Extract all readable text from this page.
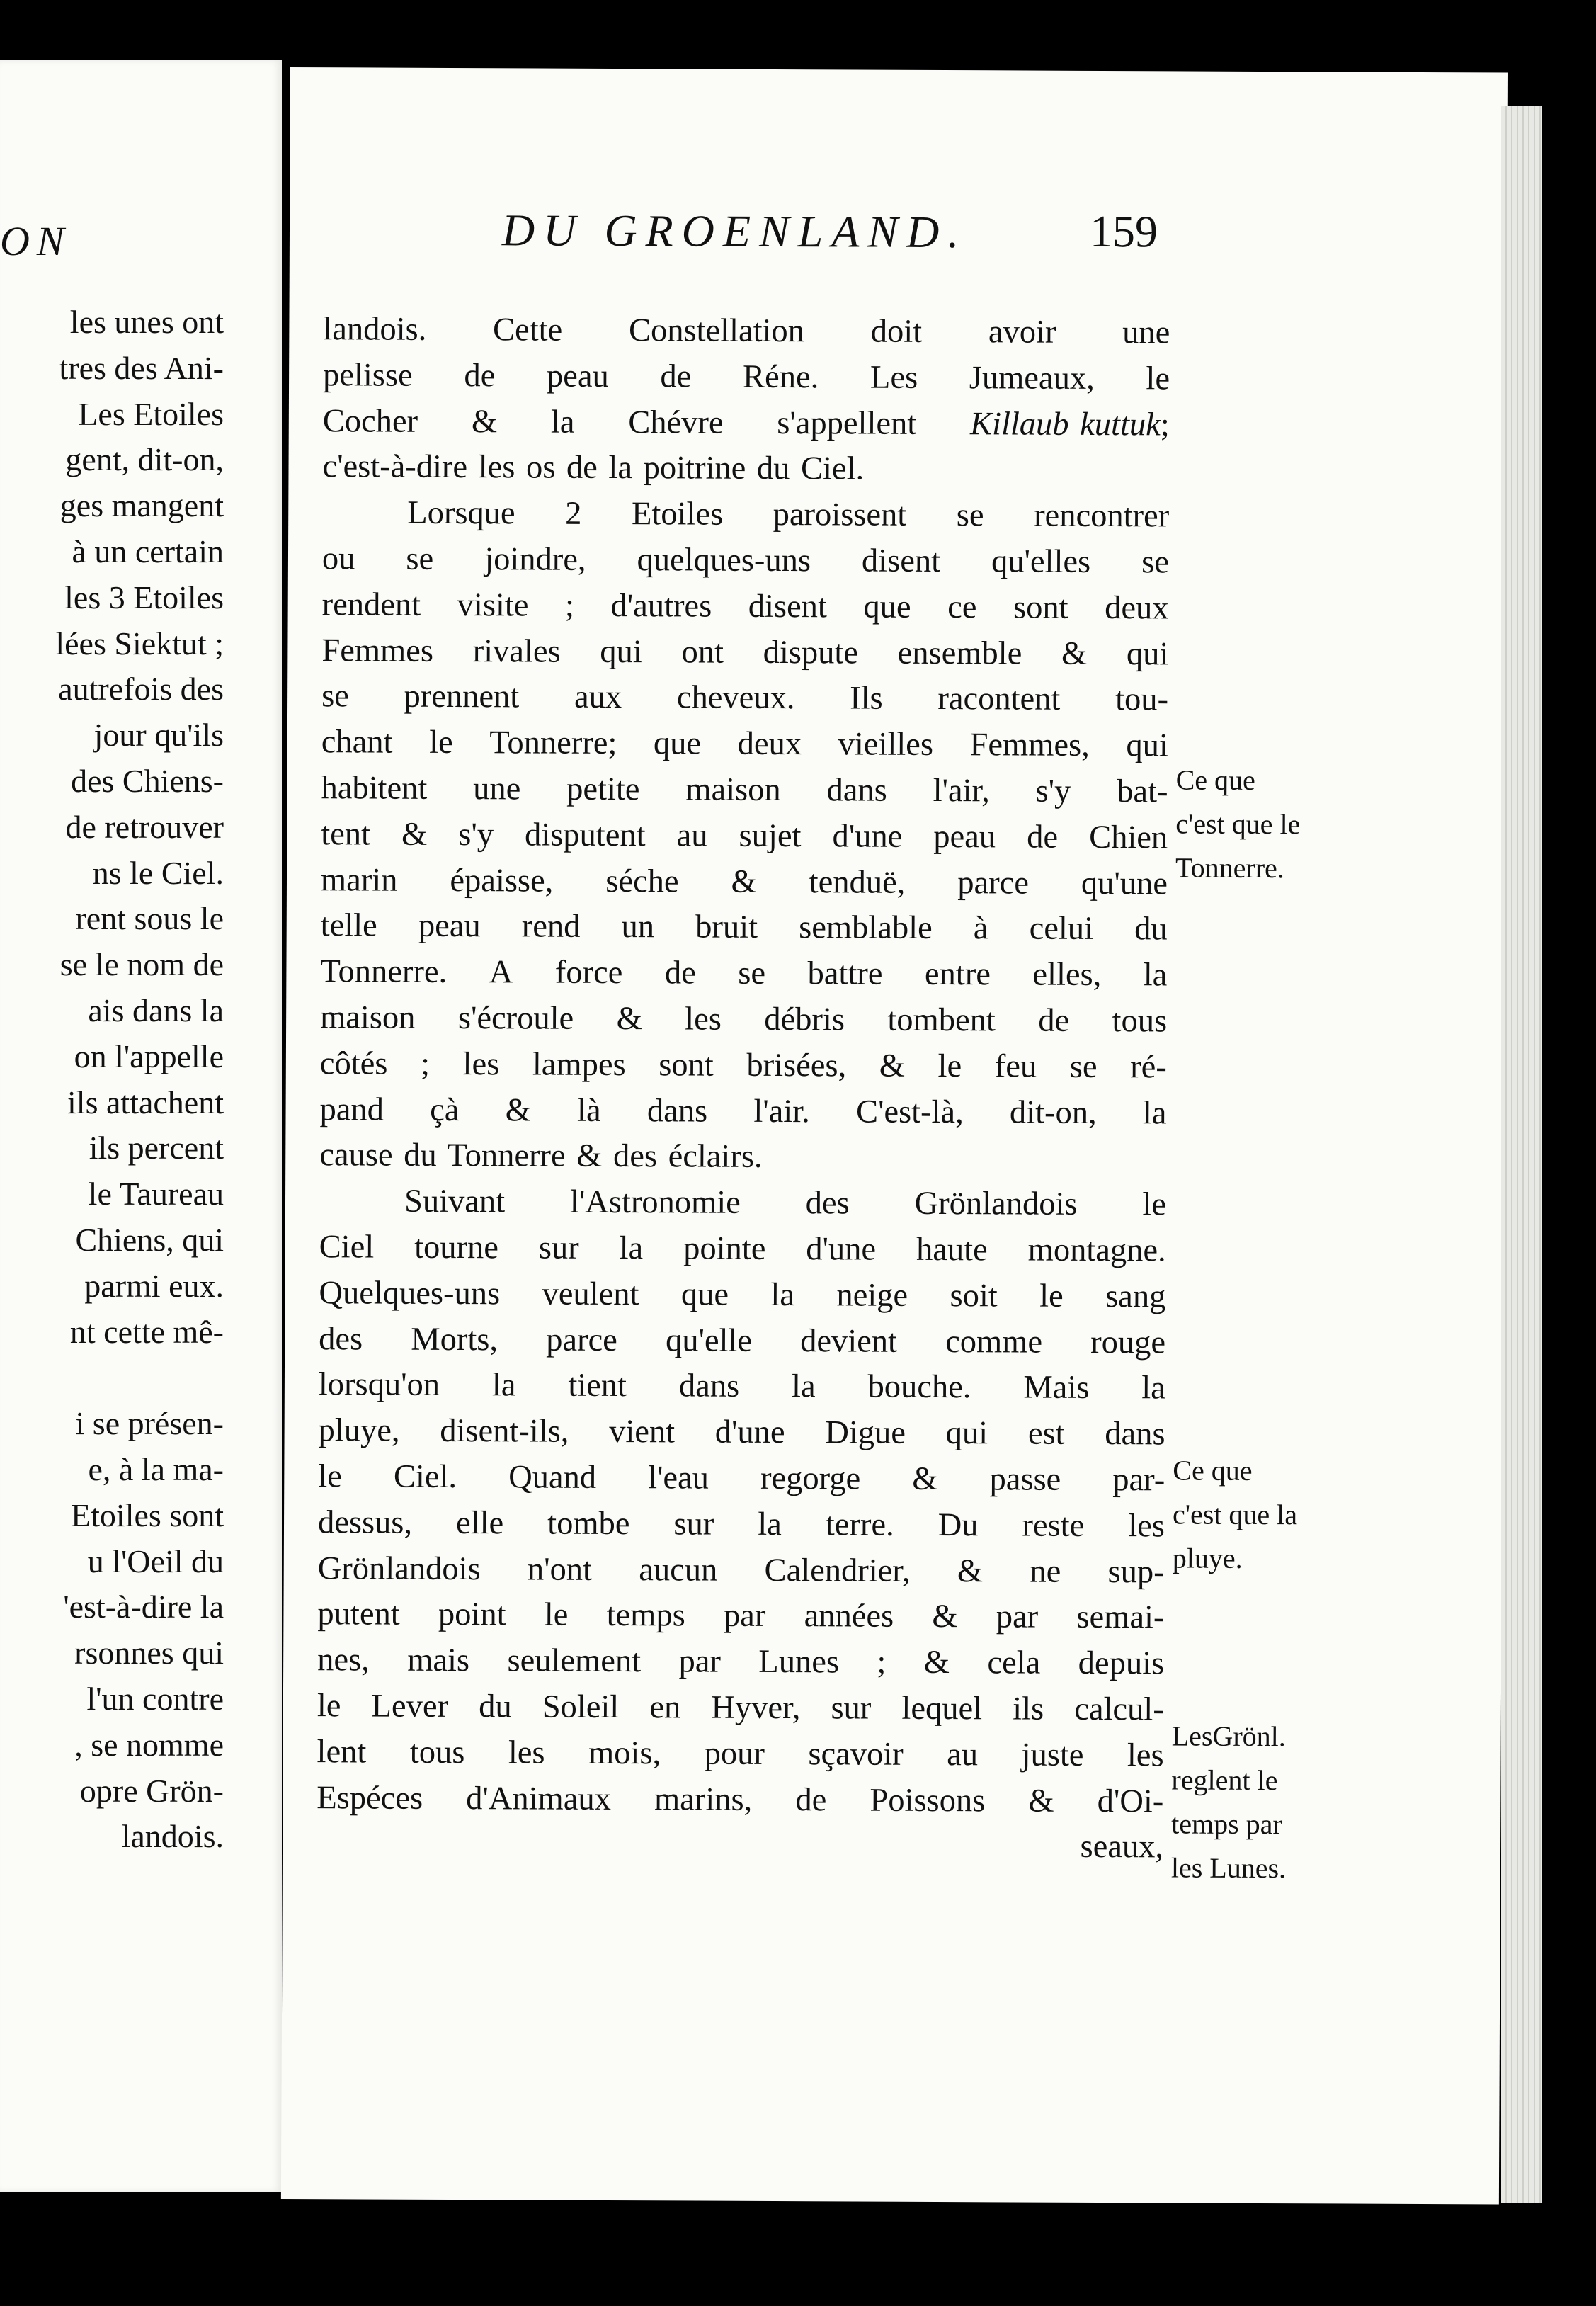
ON
les unes ont
tres des Ani-
Les Etoiles
gent, dit-on,
ges mangent
à un certain
les 3 Etoiles
lées Siektut ;
autrefois des
jour qu'ils
des Chiens-
de retrouver
ns le Ciel.
rent sous le
se le nom de
ais dans la
on l'appelle
ils attachent
ils percent
le Taureau
Chiens, qui
parmi eux.
nt cette mê-
i se présen-
e, à la ma-
Etoiles sont
u l'Oeil du
'est-à-dire la
rsonnes qui
l'un contre
, se nomme
opre Grön-
landois.
DU GROENLAND.	159
landois. Cette Constellation doit avoir une
pelisse de peau de Réne. Les Jumeaux, le
Cocher & la Chévre s'appellent Killaub kuttuk;
c'est-à-dire les os de la poitrine du Ciel.
Lorsque 2 Etoiles paroissent se rencontrer
ou se joindre, quelques-uns disent qu'elles se
rendent visite ; d'autres disent que ce sont deux
Femmes rivales qui ont dispute ensemble & qui
se prennent aux cheveux. Ils racontent tou-
chant le Tonnerre; que deux vieilles Femmes, qui
habitent une petite maison dans l'air, s'y bat-
tent & s'y disputent au sujet d'une peau de Chien
marin épaisse, séche & tenduë, parce qu'une
telle peau rend un bruit semblable à celui du
Tonnerre. A force de se battre entre elles, la
maison s'écroule & les débris tombent de tous
côtés ; les lampes sont brisées, & le feu se ré-
pand çà & là dans l'air. C'est-là, dit-on, la
cause du Tonnerre & des éclairs.
Suivant l'Astronomie des Grönlandois le
Ciel tourne sur la pointe d'une haute montagne.
Quelques-uns veulent que la neige soit le sang
des Morts, parce qu'elle devient comme rouge
lorsqu'on la tient dans la bouche. Mais la
pluye, disent-ils, vient d'une Digue qui est dans
le Ciel. Quand l'eau regorge & passe par-
dessus, elle tombe sur la terre. Du reste les
Grönlandois n'ont aucun Calendrier, & ne sup-
putent point le temps par années & par semai-
nes, mais seulement par Lunes ; & cela depuis
le Lever du Soleil en Hyver, sur lequel ils calcul-
lent tous les mois, pour sçavoir au juste les
Espéces d'Animaux marins, de Poissons & d'Oi-
seaux,
Ce que
c'est que le
Tonnerre.
Ce que
c'est que la
pluye.
LesGrönl.
reglent le
temps par
les Lunes.
